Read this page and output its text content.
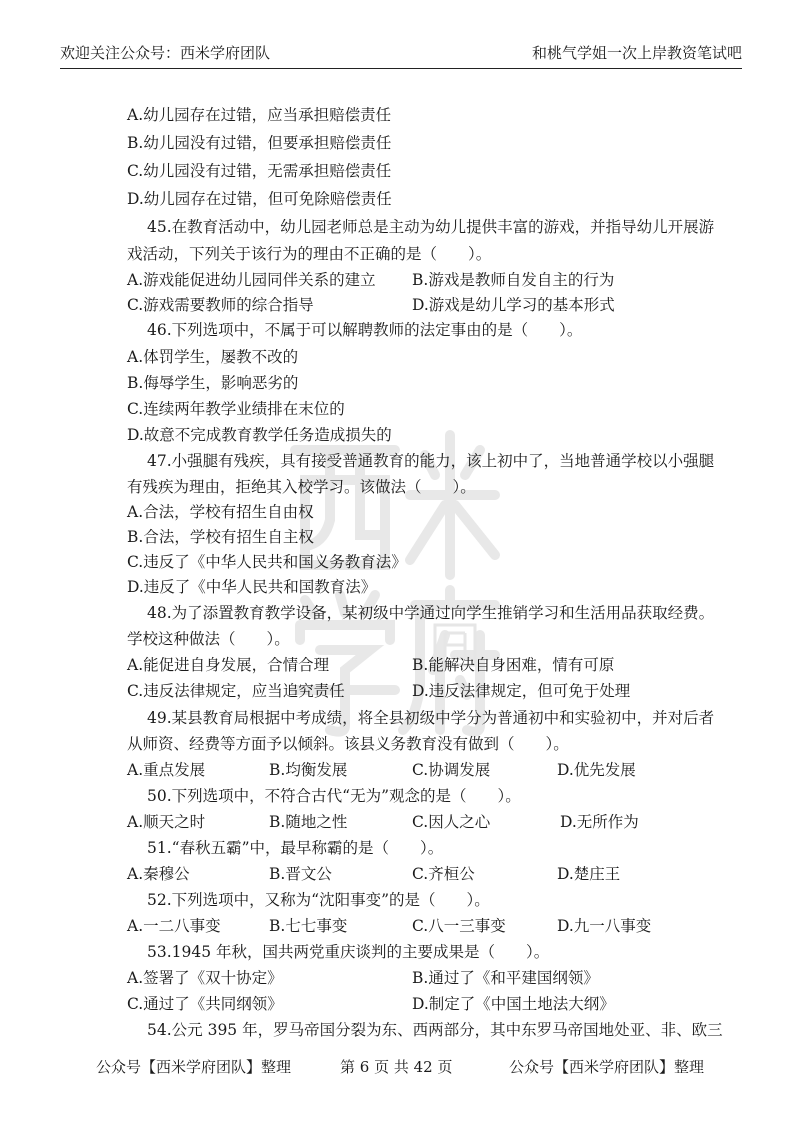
欢迎关注公众号：西米学府团队	和桃气学姐一次上岸教资笔试吧
A.幼儿园存在过错，应当承担赔偿责任
B.幼儿园没有过错，但要承担赔偿责任
C.幼儿园没有过错，无需承担赔偿责任
D.幼儿园存在过错，但可免除赔偿责任
45.在教育活动中，幼儿园老师总是主动为幼儿提供丰富的游戏，并指导幼儿开展游
戏活动，下列关于该行为的理由不正确的是（　　）。
A.游戏能促进幼儿园同伴关系的建立 B.游戏是教师自发自主的行为
C.游戏需要教师的综合指导	D.游戏是幼儿学习的基本形式
46.下列选项中，不属于可以解聘教师的法定事由的是（　　）。
A.体罚学生，屡教不改的
B.侮辱学生，影响恶劣的
C.连续两年教学业绩排在末位的
D.故意不完成教育教学任务造成损失的
47.小强腿有残疾，具有接受普通教育的能力，该上初中了，当地普通学校以小强腿
有残疾为理由，拒绝其入校学习。该做法（　　）。
A.合法，学校有招生自由权
B.合法，学校有招生自主权
C.违反了《中华人民共和国义务教育法》
D.违反了《中华人民共和国教育法》
48.为了添置教育教学设备，某初级中学通过向学生推销学习和生活用品获取经费。
学校这种做法（　　）。
A.能促进自身发展，合情合理	B.能解决自身困难，情有可原
C.违反法律规定，应当追究责任	D.违反法律规定，但可免于处理
49.某县教育局根据中考成绩，将全县初级中学分为普通初中和实验初中，并对后者
从师资、经费等方面予以倾斜。该县义务教育没有做到（　　）。
A.重点发展	B.均衡发展	C.协调发展	D.优先发展
50.下列选项中，不符合古代“无为”观念的是（　　）。
A.顺天之时	B.随地之性	C.因人之心	D.无所作为
51.“春秋五霸”中，最早称霸的是（　　）。
A.秦穆公	B.晋文公	C.齐桓公	D.楚庄王
52.下列选项中，又称为“沈阳事变”的是（　　）。
A.一二八事变	B.七七事变	C.八一三事变	D.九一八事变
53.1945 年秋，国共两党重庆谈判的主要成果是（　　）。
A.签署了《双十协定》	B.通过了《和平建国纲领》
C.通过了《共同纲领》	D.制定了《中国土地法大纲》
54.公元 395 年，罗马帝国分裂为东、西两部分，其中东罗马帝国地处亚、非、欧三
公众号【西米学府团队】整理	第 6 页 共 42 页	公众号【西米学府团队】整理
